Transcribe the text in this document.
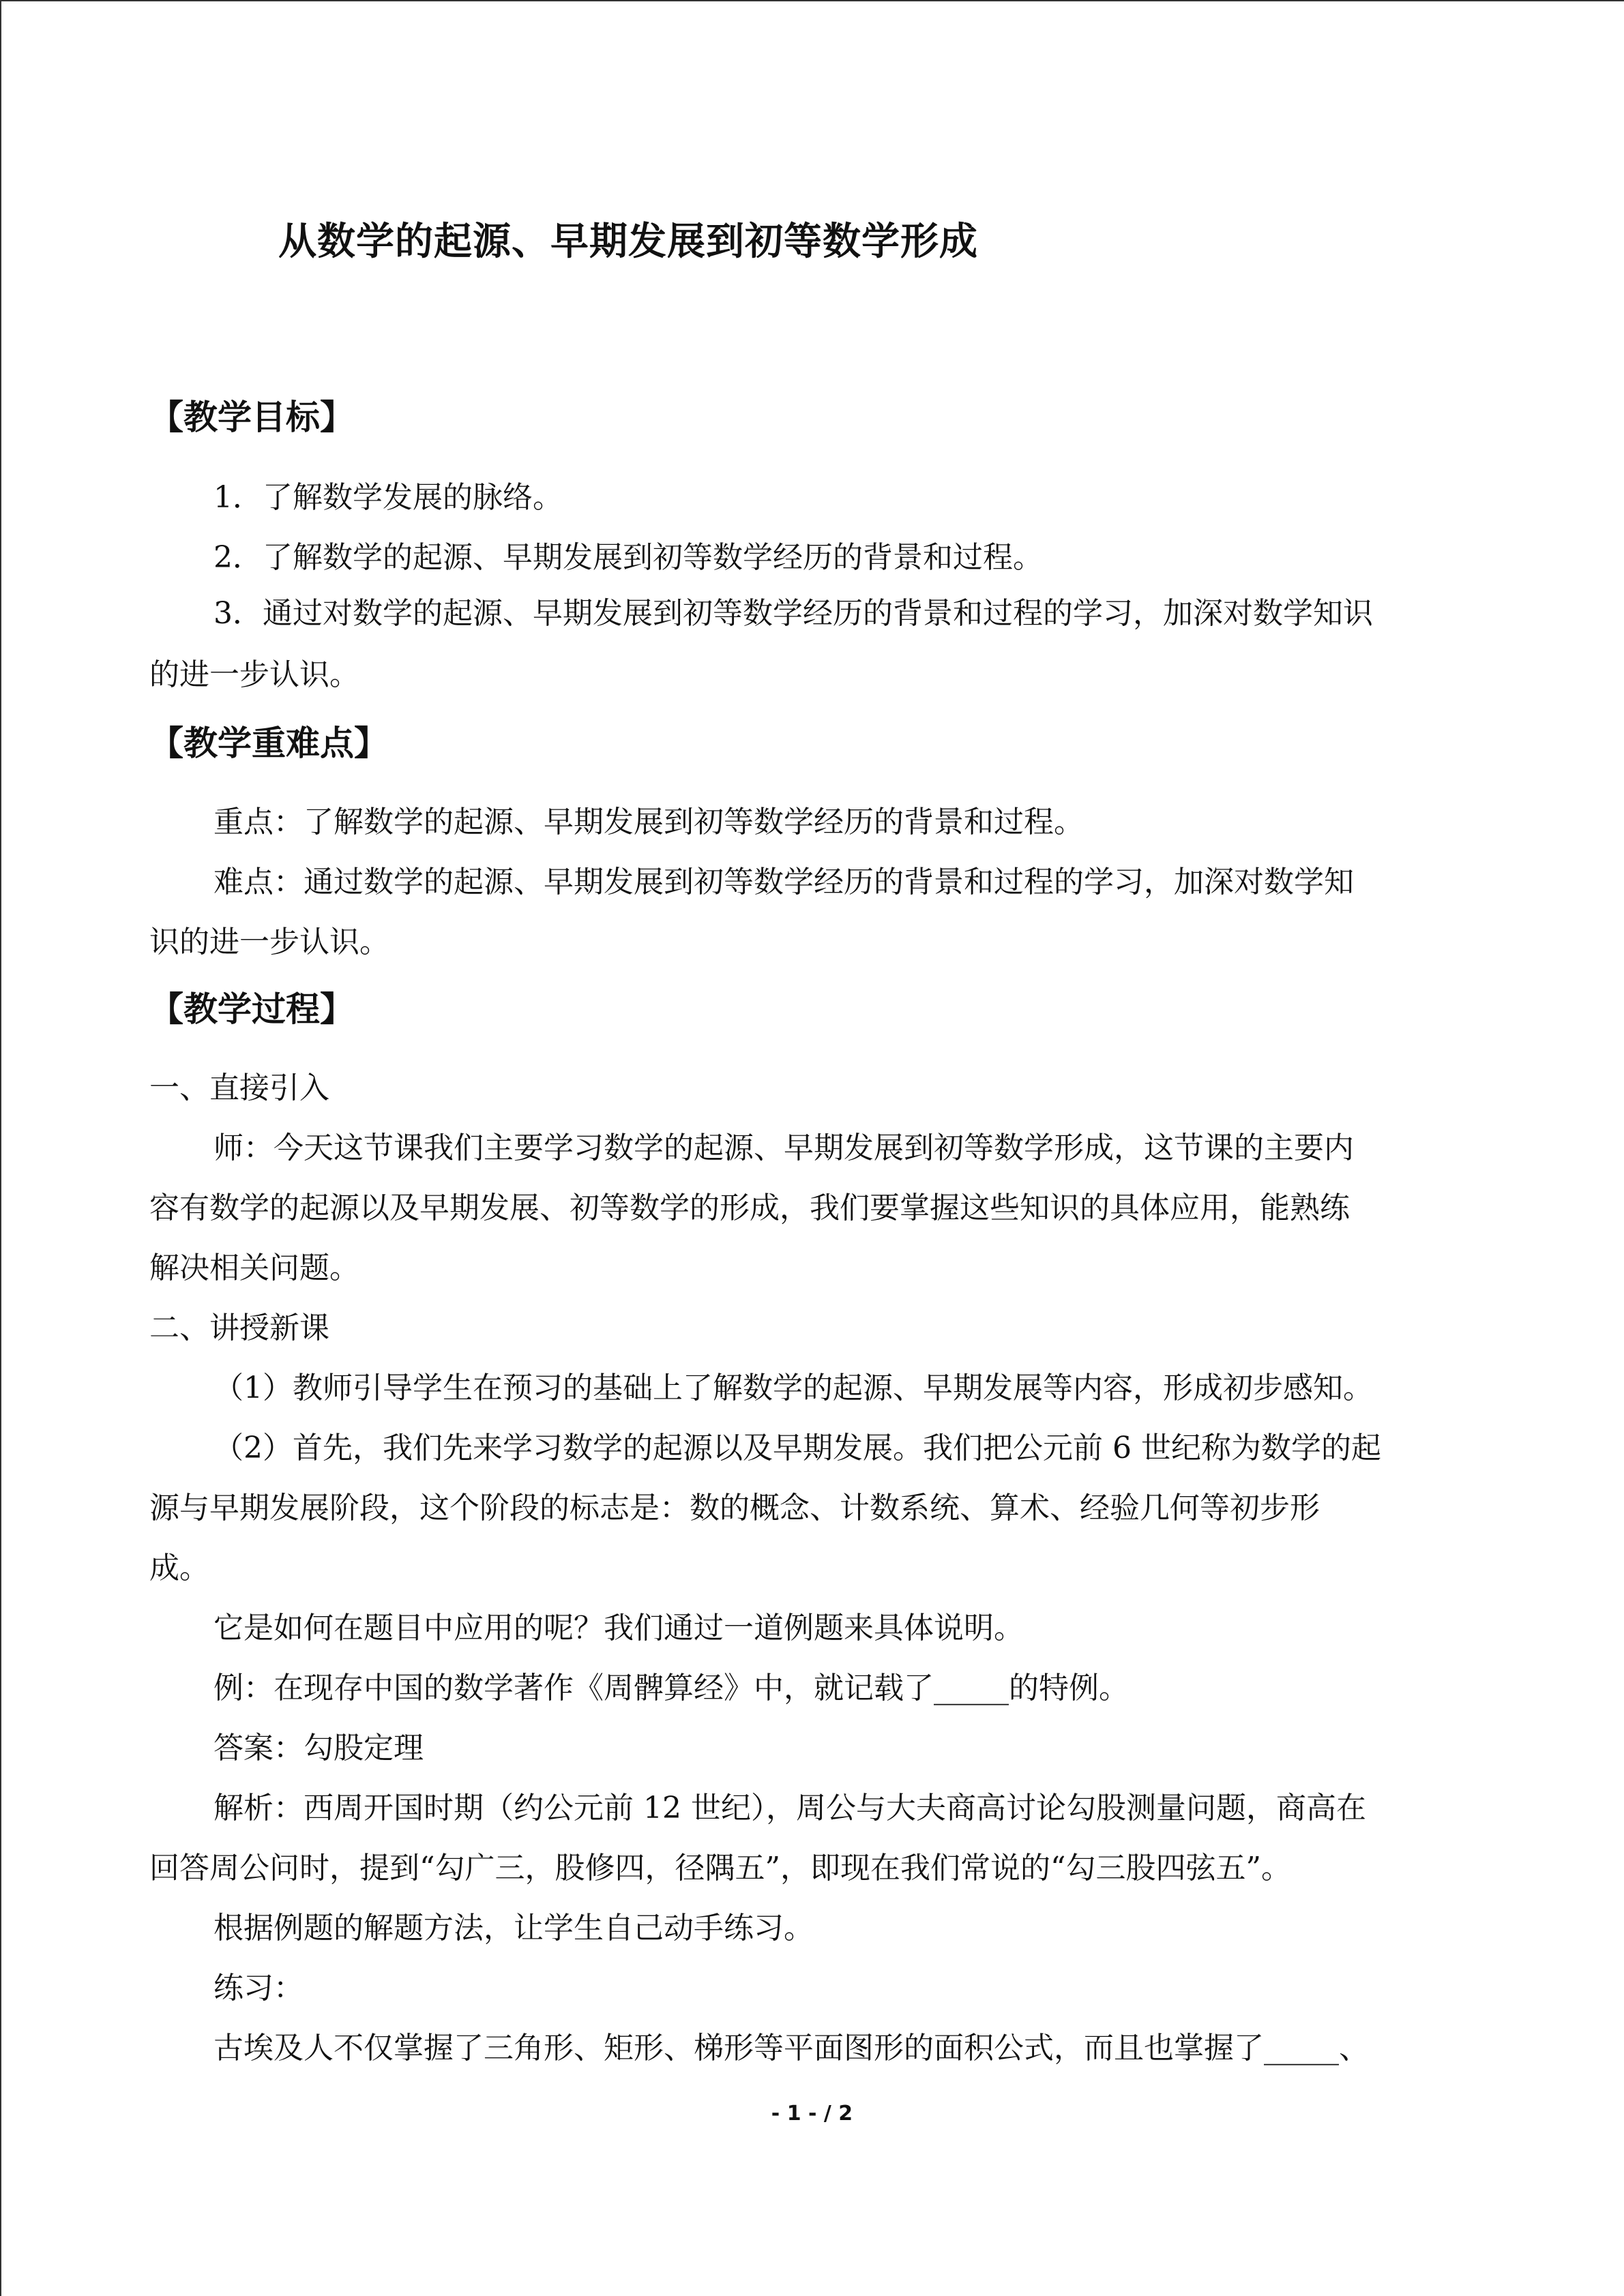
从数学的起源、早期发展到初等数学形成
【教学目标】
1．了解数学发展的脉络。
2．了解数学的起源、早期发展到初等数学经历的背景和过程。
3．通过对数学的起源、早期发展到初等数学经历的背景和过程的学习，加深对数学知识
的进一步认识。
【教学重难点】
重点：了解数学的起源、早期发展到初等数学经历的背景和过程。
难点：通过数学的起源、早期发展到初等数学经历的背景和过程的学习，加深对数学知
识的进一步认识。
【教学过程】
一、直接引入
师：今天这节课我们主要学习数学的起源、早期发展到初等数学形成，这节课的主要内
容有数学的起源以及早期发展、初等数学的形成，我们要掌握这些知识的具体应用，能熟练
解决相关问题。
二、讲授新课
（1）教师引导学生在预习的基础上了解数学的起源、早期发展等内容，形成初步感知。
（2）首先，我们先来学习数学的起源以及早期发展。我们把公元前 6 世纪称为数学的起
源与早期发展阶段，这个阶段的标志是：数的概念、计数系统、算术、经验几何等初步形
成。
它是如何在题目中应用的呢？我们通过一道例题来具体说明。
例：在现存中国的数学著作《周髀算经》中，就记载了_____的特例。
答案：勾股定理
解析：西周开国时期（约公元前 12 世纪），周公与大夫商高讨论勾股测量问题，商高在
回答周公问时，提到“勾广三，股修四，径隅五”，即现在我们常说的“勾三股四弦五”。
根据例题的解题方法，让学生自己动手练习。
练习：
古埃及人不仅掌握了三角形、矩形、梯形等平面图形的面积公式，而且也掌握了_____、
- 1 - / 2
